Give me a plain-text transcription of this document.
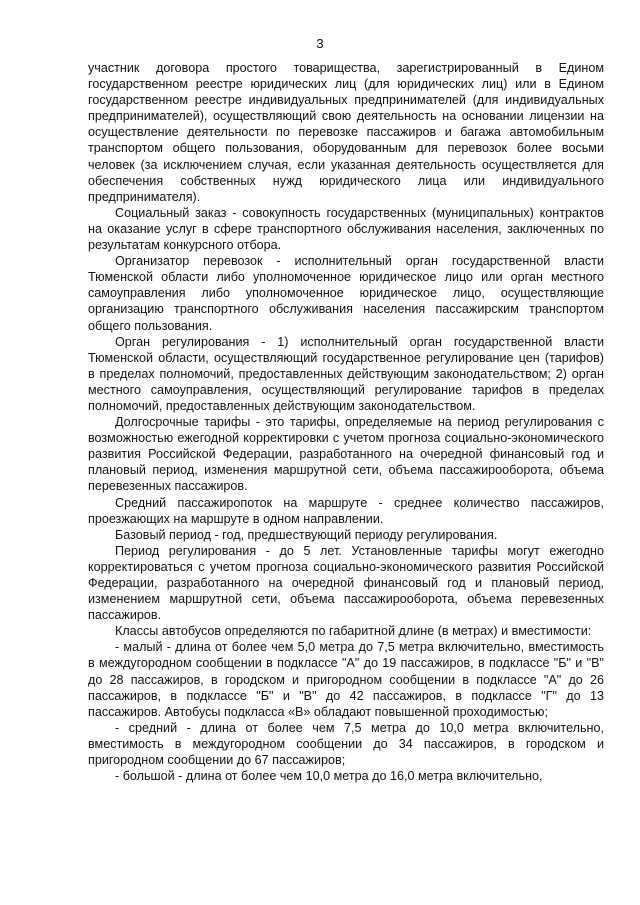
3

участник договора простого товарищества, зарегистрированный в Едином государственном реестре юридических лиц (для юридических лиц) или в Едином государственном реестре индивидуальных предпринимателей (для индивидуальных предпринимателей), осуществляющий свою деятельность на основании лицензии на осуществление деятельности по перевозке пассажиров и багажа автомобильным транспортом общего пользования, оборудованным для перевозок более восьми человек (за исключением случая, если указанная деятельность осуществляется для обеспечения собственных нужд юридического лица или индивидуального предпринимателя).

Социальный заказ - совокупность государственных (муниципальных) контрактов на оказание услуг в сфере транспортного обслуживания населения, заключенных по результатам конкурсного отбора.

Организатор перевозок - исполнительный орган государственной власти Тюменской области либо уполномоченное юридическое лицо или орган местного самоуправления либо уполномоченное юридическое лицо, осуществляющие организацию транспортного обслуживания населения пассажирским транспортом общего пользования.

Орган регулирования - 1) исполнительный орган государственной власти Тюменской области, осуществляющий государственное регулирование цен (тарифов) в пределах полномочий, предоставленных действующим законодательством; 2) орган местного самоуправления, осуществляющий регулирование тарифов в пределах полномочий, предоставленных действующим законодательством.

Долгосрочные тарифы - это тарифы, определяемые на период регулирования с возможностью ежегодной корректировки с учетом прогноза социально-экономического развития Российской Федерации, разработанного на очередной финансовый год и плановый период, изменения маршрутной сети, объема пассажирооборота, объема перевезенных пассажиров.

Средний пассажиропоток на маршруте - среднее количество пассажиров, проезжающих на маршруте в одном направлении.

Базовый период - год, предшествующий периоду регулирования.

Период регулирования - до 5 лет. Установленные тарифы могут ежегодно корректироваться с учетом прогноза социально-экономического развития Российской Федерации, разработанного на очередной финансовый год и плановый период, изменением маршрутной сети, объема пассажирооборота, объема перевезенных пассажиров.

Классы автобусов определяются по габаритной длине (в метрах) и вместимости:

- малый - длина от более чем 5,0 метра до 7,5 метра включительно, вместимость в междугородном сообщении в подклассе "А" до 19 пассажиров, в подклассе "Б" и "В" до 28 пассажиров, в городском и пригородном сообщении в подклассе "А" до 26 пассажиров, в подклассе "Б" и "В" до 42 пассажиров, в подклассе "Г" до 13 пассажиров. Автобусы подкласса «В» обладают повышенной проходимостью;

- средний - длина от более чем 7,5 метра до 10,0 метра включительно, вместимость в междугородном сообщении до 34 пассажиров, в городском и пригородном сообщении до 67 пассажиров;

- большой - длина от более чем 10,0 метра до 16,0 метра включительно,
